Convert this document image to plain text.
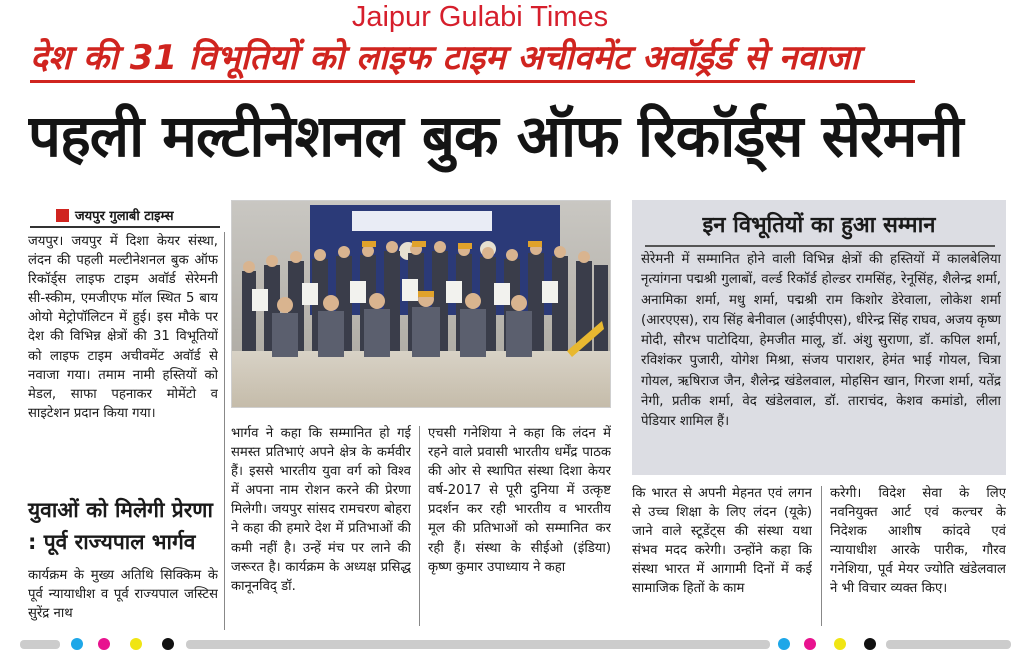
Jaipur Gulabi Times
देश की 31 विभूतियों को लाइफ टाइम अचीवमेंट अवॉर्ड्रर्ड से नवाजा
पहली मल्टीनेशनल बुक ऑफ रिकॉर्ड्स सेरेमनी
जयपुर गुलाबी टाइम्स

जयपुर। जयपुर में दिशा केयर संस्था, लंदन की पहली मल्टीनेशनल बुक ऑफ रिकॉर्ड्स लाइफ टाइम अवॉर्ड सेरेमनी सी-स्कीम, एमजीएफ मॉल स्थित 5 बाय ओयो मेट्रोपॉलिटन में हुई। इस मौके पर देश की विभिन्न क्षेत्रों की 31 विभूतियों को लाइफ टाइम अचीवमेंट अवॉर्ड से नवाजा गया। तमाम नामी हस्तियों को मेडल, साफा पहनाकर मोमेंटो व साइटेशन प्रदान किया गया।

युवाओं को मिलेगी प्रेरणा : पूर्व राज्यपाल भार्गव

कार्यक्रम के मुख्य अतिथि सिक्किम के पूर्व न्यायाधीश व पूर्व राज्यपाल जस्टिस सुरेंद्र नाथ

भार्गव ने कहा कि सम्मानित हो गई समस्त प्रतिभाएं अपने क्षेत्र के कर्मवीर हैं। इससे भारतीय युवा वर्ग को विश्व में अपना नाम रोशन करने की प्रेरणा मिलेगी। जयपुर सांसद रामचरण बोहरा ने कहा की हमारे देश में प्रतिभाओं की कमी नहीं है। उन्हें मंच पर लाने की जरूरत है। कार्यक्रम के अध्यक्ष प्रसिद्ध कानूनविद् डॉ.

एचसी गनेशिया ने कहा कि लंदन में रहने वाले प्रवासी भारतीय धर्मेंद्र पाठक की ओर से स्थापित संस्था दिशा केयर वर्ष-2017 से पूरी दुनिया में उत्कृष्ट प्रदर्शन कर रही भारतीय व भारतीय मूल की प्रतिभाओं को सम्मानित कर रही हैं। संस्था के सीईओ (इंडिया) कृष्ण कुमार उपाध्याय ने कहा

इन विभूतियों का हुआ सम्मान

सेरेमनी में सम्मानित होने वाली विभिन्न क्षेत्रों की हस्तियों में कालबेलिया नृत्यांगना पद्मश्री गुलाबों, वर्ल्ड रिकॉर्ड होल्डर रामसिंह, रेनूसिंह, शैलेन्द्र शर्मा, अनामिका शर्मा, मधु शर्मा, पद्मश्री राम किशोर डेरेवाला, लोकेश शर्मा (आरएएस), राय सिंह बेनीवाल (आईपीएस), धीरेन्द्र सिंह राघव, अजय कृष्ण मोदी, सौरभ पाटोदिया, हेमजीत मालू, डॉ. अंशु सुराणा, डॉ. कपिल शर्मा, रविशंकर पुजारी, योगेश मिश्रा, संजय पाराशर, हेमंत भाई गोयल, चित्रा गोयल, ऋषिराज जैन, शैलेन्द्र खंडेलवाल, मोहसिन खान, गिरजा शर्मा, यतेंद्र नेगी, प्रतीक शर्मा, वेद खंडेलवाल, डॉ. ताराचंद, केशव कमांडो, लीला पेडियार शामिल हैं।

कि भारत से अपनी मेहनत एवं लगन से उच्च शिक्षा के लिए लंदन (यूके) जाने वाले स्टूडेंट्स की संस्था यथा संभव मदद करेगी। उन्होंने कहा कि संस्था भारत में आगामी दिनों में कई सामाजिक हितों के काम

करेगी। विदेश सेवा के लिए नवनियुक्त आर्ट एवं कल्चर के निदेशक आशीष कांदवे एवं न्यायाधीश आरके पारीक, गौरव गनेशिया, पूर्व मेयर ज्योति खंडेलवाल ने भी विचार व्यक्त किए।
